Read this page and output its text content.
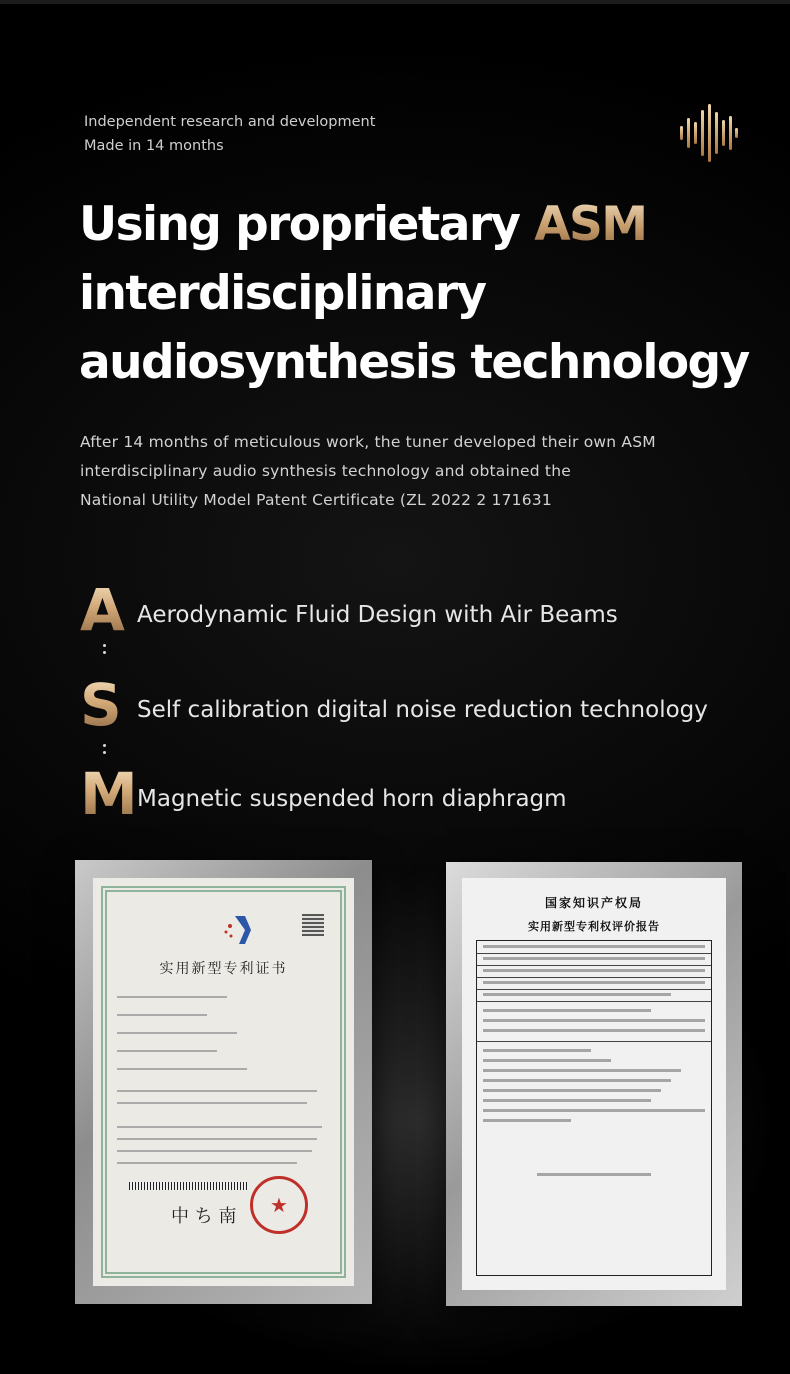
Independent research and development
Made in 14 months
Using proprietary ASM
interdisciplinary
audiosynthesis technology
After 14 months of meticulous work, the tuner developed their own ASM
interdisciplinary audio synthesis technology and obtained the
National Utility Model Patent Certificate (ZL 2022 2 171631
A Aerodynamic Fluid Design with Air Beams
S Self calibration digital noise reduction technology
M Magnetic suspended horn diaphragm
实用新型专利证书
中 ち 南
★
国家知识产权局
实用新型专利权评价报告
